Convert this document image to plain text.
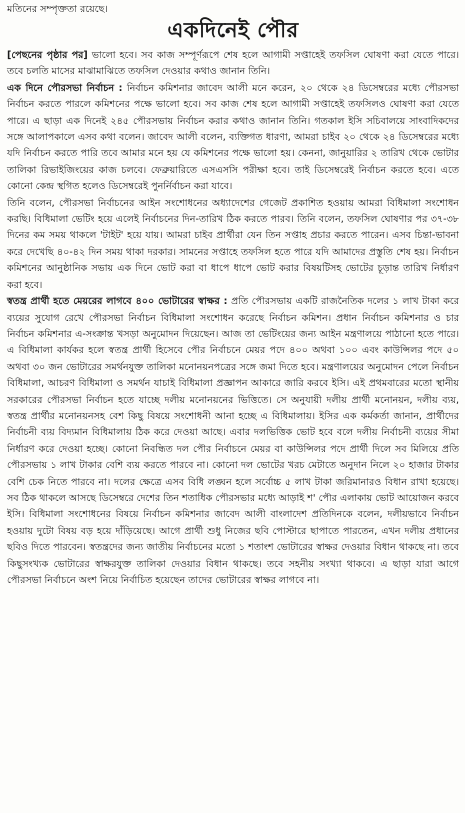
মতিনের সম্পৃক্ততা রয়েছে।
একদিনেই পৌর

[পেছনের পৃষ্ঠার পর] ভালো হবে। সব কাজ সম্পূর্ণরূপে শেষ হলে আগামী সপ্তাহেই তফসিল ঘোষণা করা যেতে পারে। তবে চলতি মাসের মাঝামাঝিতে তফসিল দেওয়ার কথাও জানান তিনি।

এক দিনে পৌরসভা নির্বাচন : নির্বাচন কমিশনার জাবেদ আলী মনে করেন, ২০ থেকে ২৪ ডিসেম্বরের মধ্যে পৌরসভা নির্বাচন করতে পারলে কমিশনের পক্ষে ভালো হবে। সব কাজ শেষ হলে আগামী সপ্তাহেই তফসিলও ঘোষণা করা যেতে পারে। এ ছাড়া এক দিনেই ২৪৫ পৌরসভায় নির্বাচন করার কথাও জানান তিনি। গতকাল ইসি সচিবালয়ে সাংবাদিকদের সঙ্গে আলাপকালে এসব কথা বলেন। জাবেদ আলী বলেন, ব্যক্তিগত ধারণা, আমরা চাইব ২০ থেকে ২৪ ডিসেম্বরের মধ্যে যদি নির্বাচন করতে পারি তবে আমার মনে হয় যে কমিশনের পক্ষে ভালো হয়। কেননা, জানুয়ারির ২ তারিখ থেকে ভোটার তালিকা রিভাইজিংয়ের কাজ চলবে। ফেব্রুয়ারিতে এসএসসি পরীক্ষা হবে। তাই ডিসেম্বরেই নির্বাচন করতে হবে। এতে কোনো কেন্দ্র স্থগিত হলেও ডিসেম্বরেই পুনর্নির্বাচন করা যাবে।

তিনি বলেন, পৌরসভা নির্বাচনের আইন সংশোধনের অধ্যাদেশের গেজেট প্রকাশিত হওয়ায় আমরা বিধিমালা সংশোধন করছি। বিধিমালা ভেটিং হয়ে এলেই নির্বাচনের দিন-তারিখ ঠিক করতে পারব। তিনি বলেন, তফসিল ঘোষণার পর ৩৭-৩৮ দিনের কম সময় থাকলে 'টাইট' হয়ে যায়। আমরা চাইব প্রার্থীরা যেন তিন সপ্তাহ প্রচার করতে পারেন। এসব চিন্তা-ভাবনা করে দেখেছি ৪০-৪২ দিন সময় থাকা দরকার। সামনের সপ্তাহে তফসিল হতে পারে যদি আমাদের প্রস্তুতি শেষ হয়। নির্বাচন কমিশনের আনুষ্ঠানিক সভায় এক দিনে ভোট করা বা ধাপে ধাপে ভোট করার বিষয়টিসহ ভোটের চূড়ান্ত তারিখ নির্ধারণ করা হবে।

স্বতন্ত্র প্রার্থী হতে মেয়রের লাগবে ৪০০ ভোটারের স্বাক্ষর : প্রতি পৌরসভায় একটি রাজনৈতিক দলের ১ লাখ টাকা করে ব্যয়ের সুযোগ রেখে পৌরসভা নির্বাচন বিধিমালা সংশোধন করেছে নির্বাচন কমিশন। প্রধান নির্বাচন কমিশনার ও চার নির্বাচন কমিশনার এ-সংক্রান্ত খসড়া অনুমোদন দিয়েছেন। আজ তা ভেটিংয়ের জন্য আইন মন্ত্রণালয়ে পাঠানো হতে পারে। এ বিধিমালা কার্যকর হলে স্বতন্ত্র প্রার্থী হিসেবে পৌর নির্বাচনে মেয়র পদে ৪০০ অথবা ১০০ এবং কাউন্সিলর পদে ৫০ অথবা ৩০ জন ভোটারের সমর্থনযুক্ত তালিকা মনোনয়নপত্রের সঙ্গে জমা দিতে হবে। মন্ত্রণালয়ের অনুমোদন পেলে নির্বাচন বিধিমালা, আচরণ বিধিমালা ও সমর্থন যাচাই বিধিমালা প্রজ্ঞাপন আকারে জারি করবে ইসি। এই প্রথমবারের মতো স্থানীয় সরকারের পৌরসভা নির্বাচন হতে যাচ্ছে দলীয় মনোনয়নের ভিত্তিতে। সে অনুযায়ী দলীয় প্রার্থী মনোনয়ন, দলীয় ব্যয়, স্বতন্ত্র প্রার্থীর মনোনয়নসহ বেশ কিছু বিষয়ে সংশোধনী আনা হচ্ছে এ বিধিমালায়। ইসির এক কর্মকর্তা জানান, প্রার্থীদের নির্বাচনী ব্যয় বিদ্যমান বিধিমালায় ঠিক করে দেওয়া আছে। এবার দলভিত্তিক ভোট হবে বলে দলীয় নির্বাচনী ব্যয়ের সীমা নির্ধারণ করে দেওয়া হচ্ছে। কোনো নিবন্ধিত দল পৌর নির্বাচনে মেয়র বা কাউন্সিলর পদে প্রার্থী দিলে সব মিলিয়ে প্রতি পৌরসভায় ১ লাখ টাকার বেশি ব্যয় করতে পারবে না। কোনো দল ভোটের খরচ মেটাতে অনুদান নিলে ২০ হাজার টাকার বেশি চেক নিতে পারবে না। দলের ক্ষেত্রে এসব বিধি লঙ্ঘন হলে সর্বোচ্চ ৫ লাখ টাকা জরিমানারও বিধান রাখা হয়েছে। সব ঠিক থাকলে আসছে ডিসেম্বরে দেশের তিন শতাধিক পৌরসভার মধ্যে আড়াই শ' পৌর এলাকায় ভোট আয়োজন করবে ইসি। বিধিমালা সংশোধনের বিষয়ে নির্বাচন কমিশনার জাবেদ আলী বাংলাদেশ প্রতিদিনকে বলেন, দলীয়ভাবে নির্বাচন হওয়ায় দুটো বিষয় বড় হয়ে দাঁড়িয়েছে। আগে প্রার্থী শুধু নিজের ছবি পোস্টারে ছাপাতে পারতেন, এখন দলীয় প্রধানের ছবিও দিতে পারবেন। স্বতন্ত্রদের জন্য জাতীয় নির্বাচনের মতো ১ শতাংশ ভোটারের স্বাক্ষর দেওয়ার বিধান থাকছে না। তবে কিছুসংখ্যক ভোটারের স্বাক্ষরযুক্ত তালিকা দেওয়ার বিধান থাকছে। তবে সহনীয় সংখ্যা থাকবে। এ ছাড়া যারা আগে পৌরসভা নির্বাচনে অংশ নিয়ে নির্বাচিত হয়েছেন তাদের ভোটারের স্বাক্ষর লাগবে না।
